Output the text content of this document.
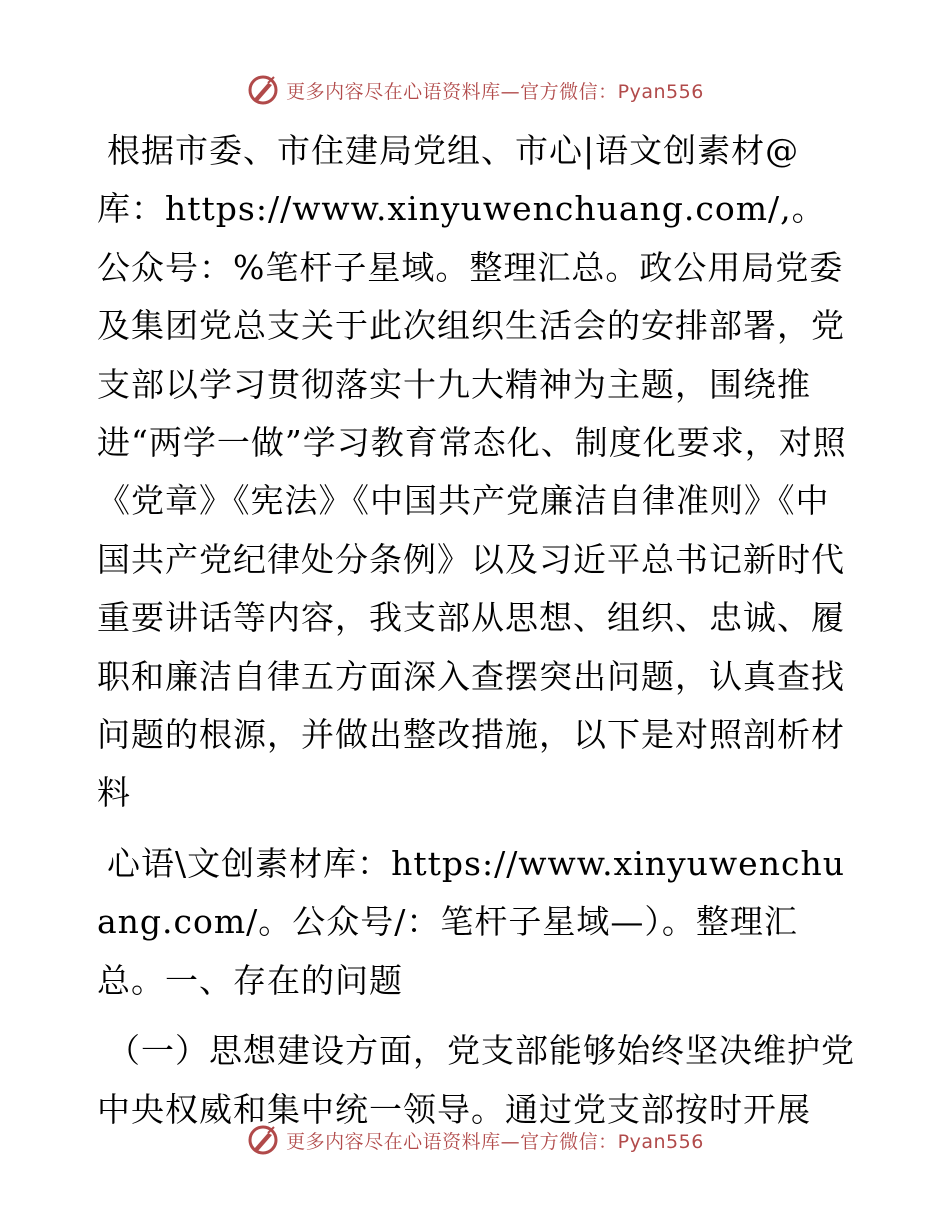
更多内容尽在心语资料库—官方微信：Pyan556

根据市委、市住建局党组、市心|语文创素材@库：https://www.xinyuwenchuang.com/,。公众号：%笔杆子星域。整理汇总。政公用局党委及集团党总支关于此次组织生活会的安排部署，党支部以学习贯彻落实十九大精神为主题，围绕推进“两学一做”学习教育常态化、制度化要求，对照《党章》《宪法》《中国共产党廉洁自律准则》《中国共产党纪律处分条例》以及习近平总书记新时代重要讲话等内容，我支部从思想、组织、忠诚、履职和廉洁自律五方面深入查摆突出问题，认真查找问题的根源，并做出整改措施，以下是对照剖析材料

心语\文创素材库：https://www.xinyuwenchuang.com/。公众号/：笔杆子星域—）。整理汇总。一、存在的问题

（一）思想建设方面，党支部能够始终坚决维护党中央权威和集中统一领导。通过党支部按时开展

更多内容尽在心语资料库—官方微信：Pyan556
